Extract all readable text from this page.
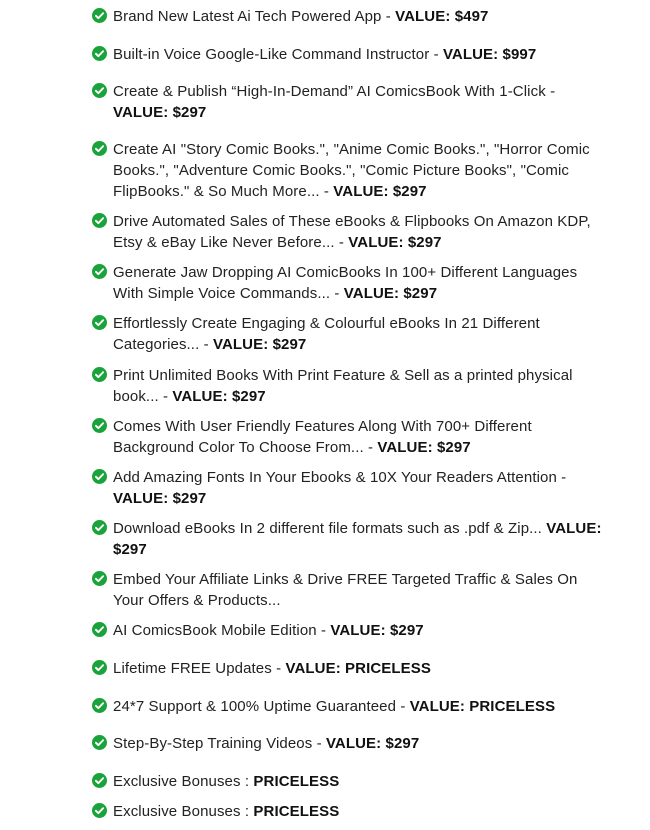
Brand New Latest Ai Tech Powered App - VALUE: $497
Built-in Voice Google-Like Command Instructor - VALUE: $997
Create & Publish “High-In-Demand” AI ComicsBook With 1-Click - VALUE: $297
Create AI "Story Comic Books.", "Anime Comic Books.", "Horror Comic Books.", "Adventure Comic Books.", "Comic Picture Books", "Comic FlipBooks." & So Much More... - VALUE: $297
Drive Automated Sales of These eBooks & Flipbooks On Amazon KDP, Etsy & eBay Like Never Before... - VALUE: $297
Generate Jaw Dropping AI ComicBooks In 100+ Different Languages With Simple Voice Commands... - VALUE: $297
Effortlessly Create Engaging & Colourful eBooks In 21 Different Categories... - VALUE: $297
Print Unlimited Books With Print Feature & Sell as a printed physical book... - VALUE: $297
Comes With User Friendly Features Along With 700+ Different Background Color To Choose From... - VALUE: $297
Add Amazing Fonts In Your Ebooks & 10X Your Readers Attention - VALUE: $297
Download eBooks In 2 different file formats such as .pdf & Zip... VALUE: $297
Embed Your Affiliate Links & Drive FREE Targeted Traffic & Sales On Your Offers & Products...
AI ComicsBook Mobile Edition - VALUE: $297
Lifetime FREE Updates - VALUE: PRICELESS
24*7 Support & 100% Uptime Guaranteed - VALUE: PRICELESS
Step-By-Step Training Videos - VALUE: $297
Exclusive Bonuses : PRICELESS
Exclusive Bonuses : PRICELESS
